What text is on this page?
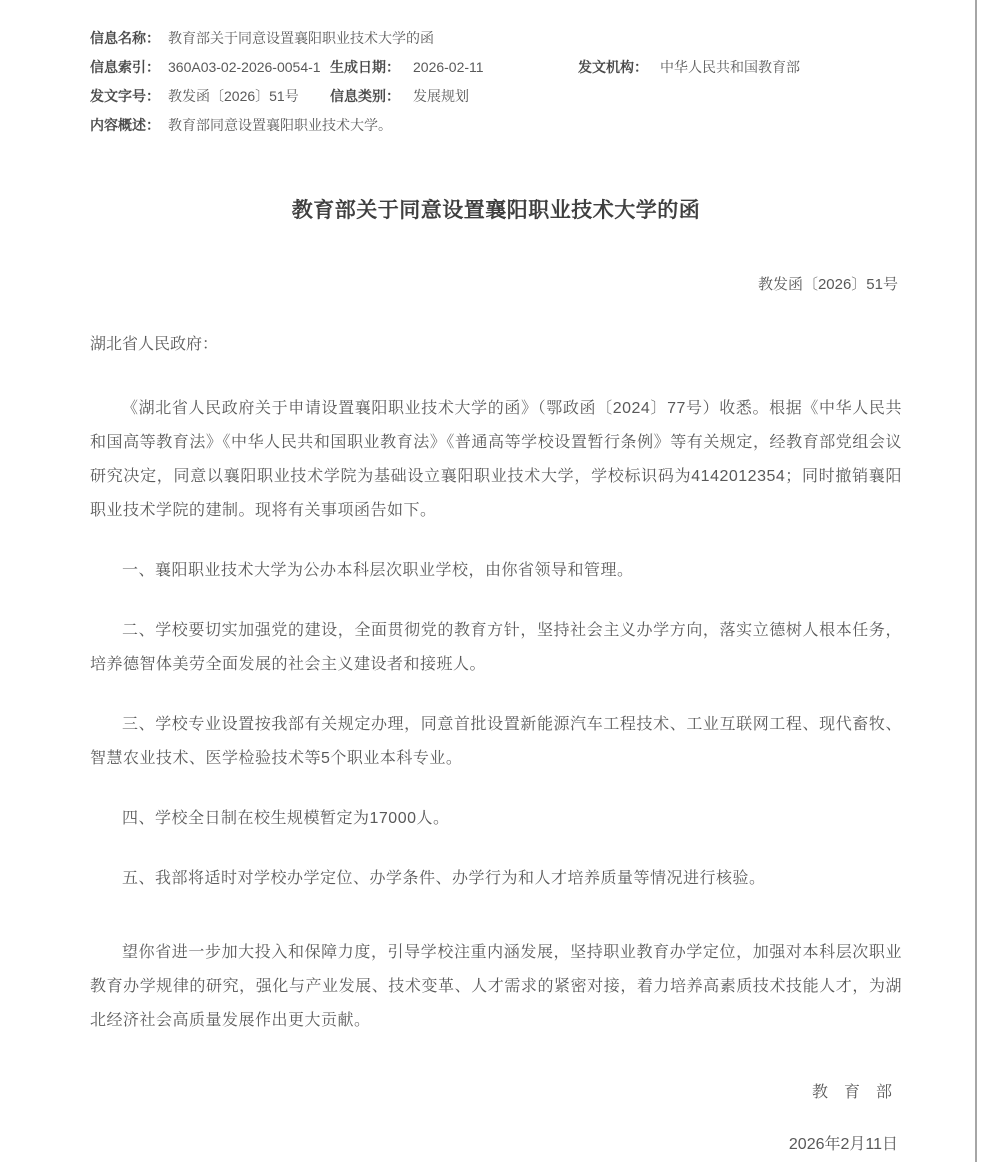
信息名称： 教育部关于同意设置襄阳职业技术大学的函
信息索引： 360A03-02-2026-0054-1 生成日期： 2026-02-11	发文机构： 中华人民共和国教育部
发文字号： 教发函〔2026〕51号 信息类别： 发展规划
内容概述： 教育部同意设置襄阳职业技术大学。
教育部关于同意设置襄阳职业技术大学的函
教发函〔2026〕51号
湖北省人民政府：

《湖北省人民政府关于申请设置襄阳职业技术大学的函》（鄂政函〔2024〕77号）收悉。根据《中华人民共和国高等教育法》《中华人民共和国职业教育法》《普通高等学校设置暂行条例》等有关规定，经教育部党组会议研究决定，同意以襄阳职业技术学院为基础设立襄阳职业技术大学，学校标识码为4142012354；同时撤销襄阳职业技术学院的建制。现将有关事项函告如下。

一、襄阳职业技术大学为公办本科层次职业学校，由你省领导和管理。

二、学校要切实加强党的建设，全面贯彻党的教育方针，坚持社会主义办学方向，落实立德树人根本任务，培养德智体美劳全面发展的社会主义建设者和接班人。

三、学校专业设置按我部有关规定办理，同意首批设置新能源汽车工程技术、工业互联网工程、现代畜牧、智慧农业技术、医学检验技术等5个职业本科专业。

四、学校全日制在校生规模暂定为17000人。

五、我部将适时对学校办学定位、办学条件、办学行为和人才培养质量等情况进行核验。

望你省进一步加大投入和保障力度，引导学校注重内涵发展，坚持职业教育办学定位，加强对本科层次职业教育办学规律的研究，强化与产业发展、技术变革、人才需求的紧密对接，着力培养高素质技术技能人才，为湖北经济社会高质量发展作出更大贡献。

教　育　部
2026年2月11日
